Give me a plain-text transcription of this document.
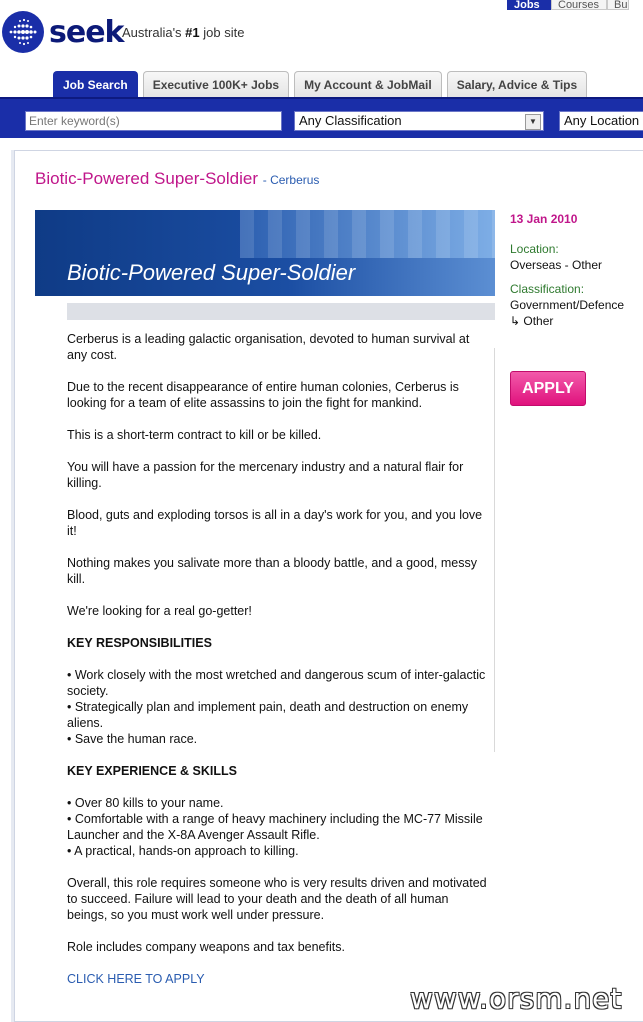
Jobs	Courses	Bu
seek
Australia's #1 job site
Job Search	Executive 100K+ Jobs	My Account & JobMail	Salary, Advice & Tips
Enter keyword(s)	Any Classification	▼	Any Location
Biotic-Powered Super-Soldier - Cerberus
Biotic-Powered Super-Soldier

Cerberus is a leading galactic organisation, devoted to human survival at any cost.

Due to the recent disappearance of entire human colonies, Cerberus is looking for a team of elite assassins to join the fight for mankind.

This is a short-term contract to kill or be killed.

You will have a passion for the mercenary industry and a natural flair for killing.

Blood, guts and exploding torsos is all in a day's work for you, and you love it!

Nothing makes you salivate more than a bloody battle, and a good, messy kill.

We're looking for a real go-getter!

KEY RESPONSIBILITIES
• Work closely with the most wretched and dangerous scum of inter-galactic society.
• Strategically plan and implement pain, death and destruction on enemy aliens.
• Save the human race.
KEY EXPERIENCE & SKILLS
• Over 80 kills to your name.
• Comfortable with a range of heavy machinery including the MC-77 Missile Launcher and the X-8A Avenger Assault Rifle.
• A practical, hands-on approach to killing.

Overall, this role requires someone who is very results driven and motivated to succeed. Failure will lead to your death and the death of all human beings, so you must work well under pressure.

Role includes company weapons and tax benefits.

CLICK HERE TO APPLY

13 Jan 2010
Location:
Overseas - Other
Classification:
Government/Defence
↳ Other
APPLY
www.orsm.net
